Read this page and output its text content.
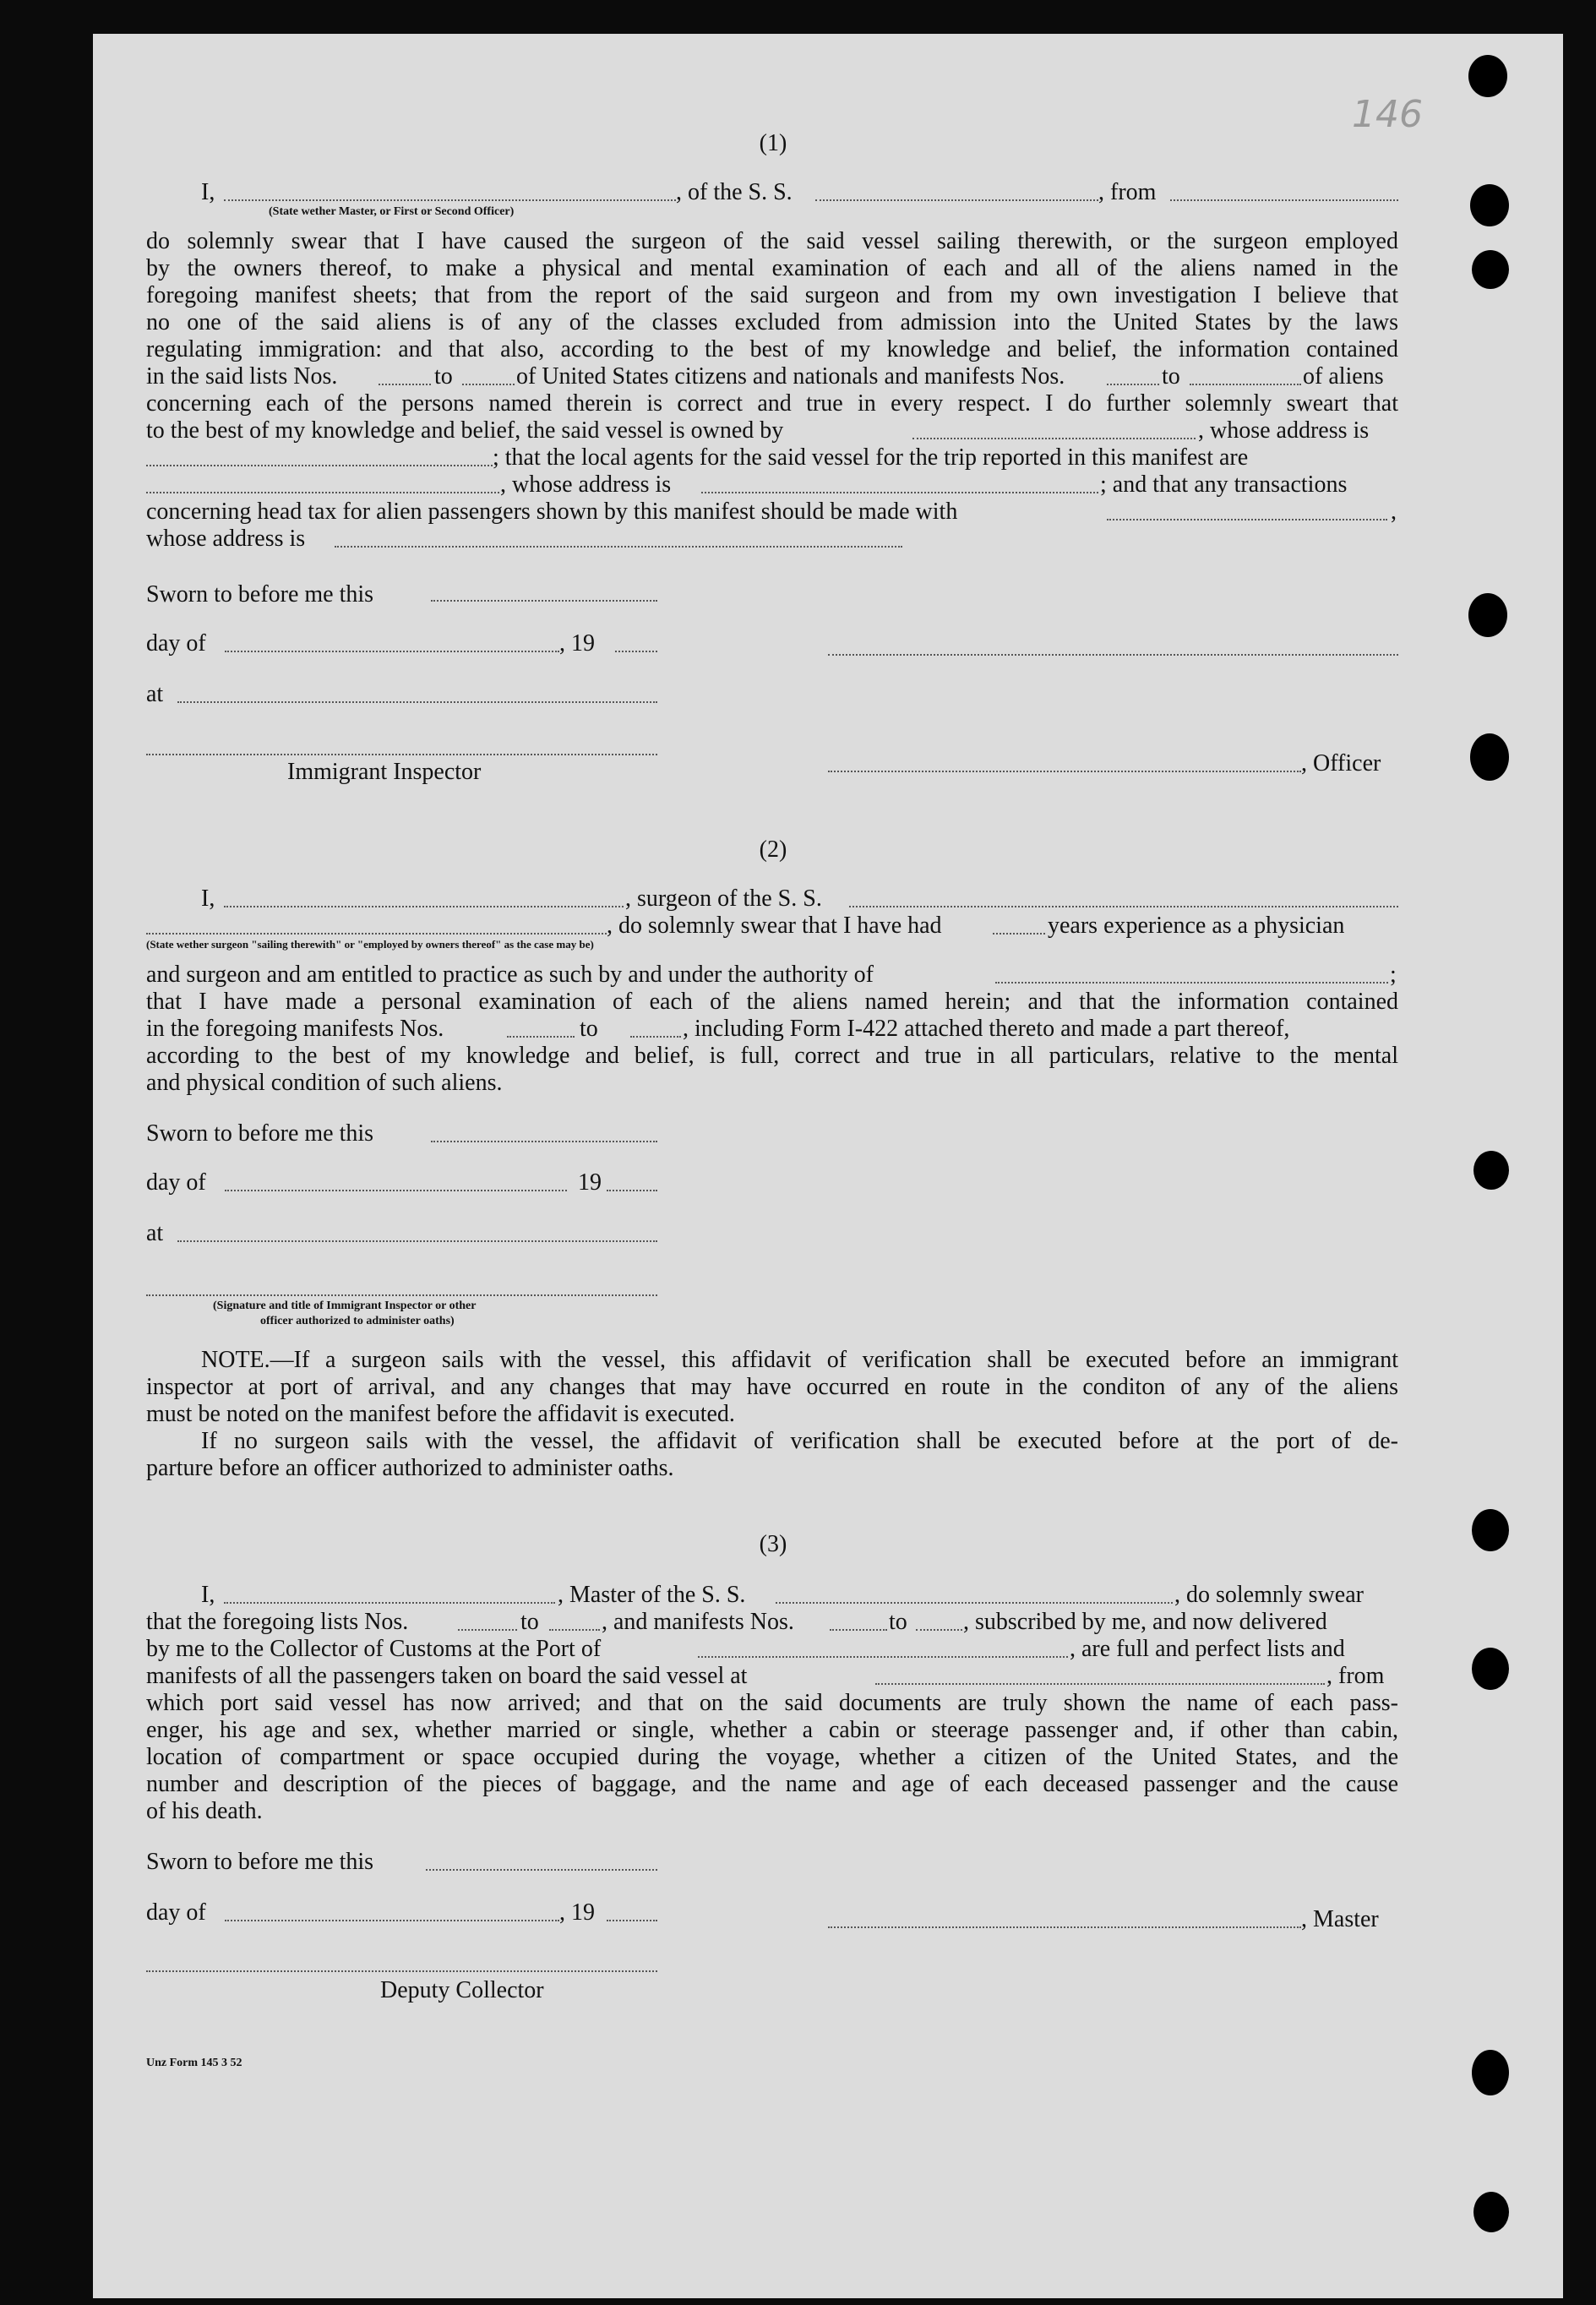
146
(1)
I,	, of the S. S.	, from
(State wether Master, or First or Second Officer)
do solemnly swear that I have caused the surgeon of the said vessel sailing therewith, or the surgeon employed
by the owners thereof, to make a physical and mental examination of each and all of the aliens named in the
foregoing manifest sheets; that from the report of the said surgeon and from my own investigation I believe that
no one of the said aliens is of any of the classes excluded from admission into the United States by the laws
regulating immigration: and that also, according to the best of my knowledge and belief, the information contained
in the said lists Nos.	to	of United States citizens and nationals and manifests Nos.	to	of aliens
concerning each of the persons named therein is correct and true in every respect. I do further solemnly sweart that
to the best of my knowledge and belief, the said vessel is owned by	, whose address is
; that the local agents for the said vessel for the trip reported in this manifest are
, whose address is	; and that any transactions
concerning head tax for alien passengers shown by this manifest should be made with	,
whose address is
Sworn to before me this
day of	, 19
at
Immigrant Inspector	, Officer
(2)
I,	, surgeon of the S. S.
, do solemnly swear that I have had	years experience as a physician
(State wether surgeon "sailing therewith" or "employed by owners thereof" as the case may be)
and surgeon and am entitled to practice as such by and under the authority of	;
that I have made a personal examination of each of the aliens named herein; and that the information contained
in the foregoing manifests Nos.	to	, including Form I-422 attached thereto and made a part thereof,
according to the best of my knowledge and belief, is full, correct and true in all particulars, relative to the mental
and physical condition of such aliens.
Sworn to before me this
day of	19
at
(Signature and title of Immigrant Inspector or other
officer authorized to administer oaths)
NOTE.—If a surgeon sails with the vessel, this affidavit of verification shall be executed before an immigrant
inspector at port of arrival, and any changes that may have occurred en route in the conditon of any of the aliens
must be noted on the manifest before the affidavit is executed.
If no surgeon sails with the vessel, the affidavit of verification shall be executed before at the port of de-
parture before an officer authorized to administer oaths.
(3)
I,	, Master of the S. S.	, do solemnly swear
that the foregoing lists Nos.	to	, and manifests Nos.	to , subscribed by me, and now delivered
by me to the Collector of Customs at the Port of	, are full and perfect lists and
manifests of all the passengers taken on board the said vessel at	, from
which port said vessel has now arrived; and that on the said documents are truly shown the name of each pass-
enger, his age and sex, whether married or single, whether a cabin or steerage passenger and, if other than cabin,
location of compartment or space occupied during the voyage, whether a citizen of the United States, and the
number and description of the pieces of baggage, and the name and age of each deceased passenger and the cause
of his death.
Sworn to before me this
day of	, 19	, Master
Deputy Collector
Unz Form 145 3 52
